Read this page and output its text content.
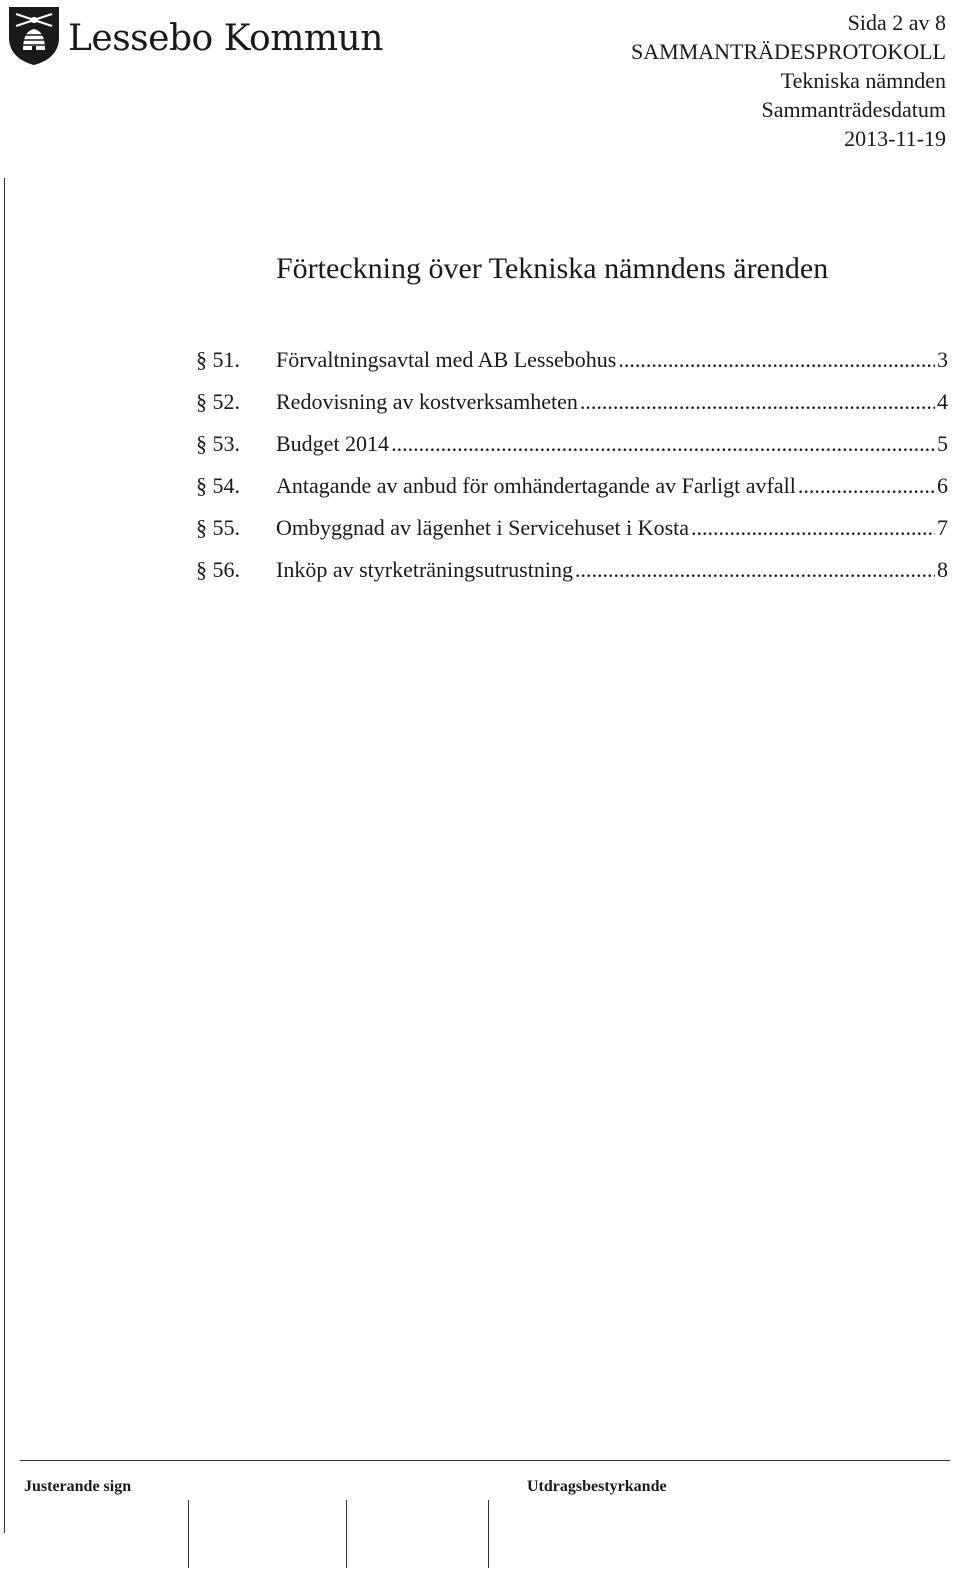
Lessebo Kommun	Sida 2 av 8
SAMMANTRÄDESPROTOKOLL
Tekniska nämnden
Sammanträdesdatum
2013-11-19
Förteckning över Tekniska nämndens ärenden
§ 51.	Förvaltningsavtal med AB Lessebohus .....	3
§ 52.	Redovisning av kostverksamheten .....	4
§ 53.	Budget 2014 .....	5
§ 54.	Antagande av anbud för omhändertagande av Farligt avfall .....	6
§ 55.	Ombyggnad av lägenhet i Servicehuset i Kosta .....	7
§ 56.	Inköp av styrketräningsutrustning .....	8
Justerande sign	Utdragsbestyrkande
